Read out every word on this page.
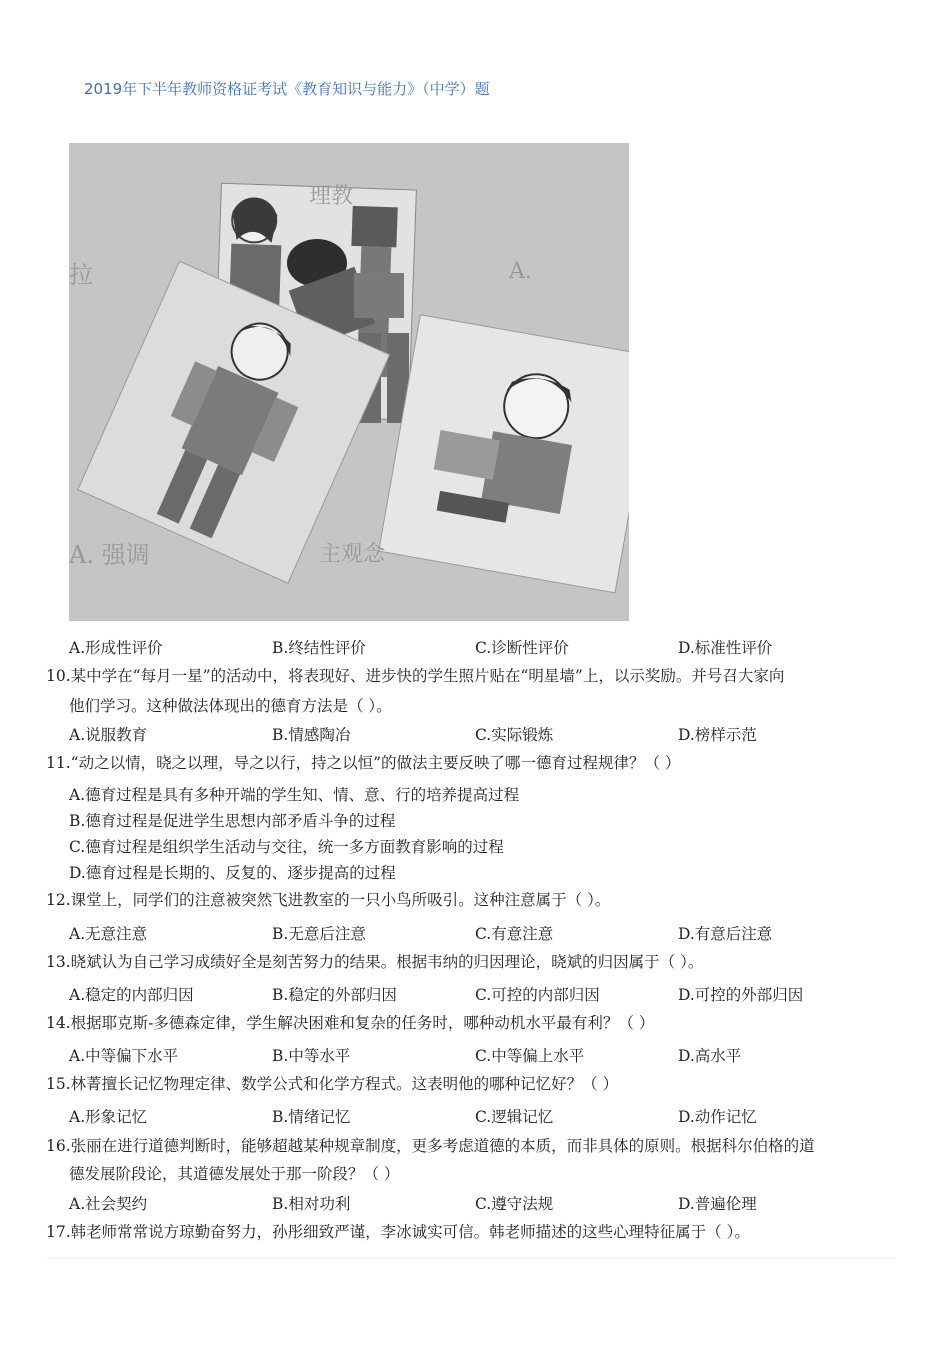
2019年下半年教师资格证考试《教育知识与能力》（中学）题
理教
A.
拉
A. 强调	主观念
A.形成性评价	B.终结性评价	C.诊断性评价	D.标准性评价
10.某中学在“每月一星”的活动中，将表现好、进步快的学生照片贴在“明星墙”上，以示奖励。并号召大家向
他们学习。这种做法体现出的德育方法是（ ）。
A.说服教育	B.情感陶冶	C.实际锻炼	D.榜样示范
11.“动之以情，晓之以理，导之以行，持之以恒”的做法主要反映了哪一德育过程规律？（ ）
A.德育过程是具有多种开端的学生知、情、意、行的培养提高过程
B.德育过程是促进学生思想内部矛盾斗争的过程
C.德育过程是组织学生活动与交往，统一多方面教育影响的过程
D.德育过程是长期的、反复的、逐步提高的过程
12.课堂上，同学们的注意被突然飞进教室的一只小鸟所吸引。这种注意属于（ ）。
A.无意注意	B.无意后注意	C.有意注意	D.有意后注意
13.晓斌认为自己学习成绩好全是刻苦努力的结果。根据韦纳的归因理论，晓斌的归因属于（ ）。
A.稳定的内部归因	B.稳定的外部归因	C.可控的内部归因	D.可控的外部归因
14.根据耶克斯-多德森定律，学生解决困难和复杂的任务时，哪种动机水平最有利？（ ）
A.中等偏下水平	B.中等水平	C.中等偏上水平	D.高水平
15.林菁擅长记忆物理定律、数学公式和化学方程式。这表明他的哪种记忆好？（ ）
A.形象记忆	B.情绪记忆	C.逻辑记忆	D.动作记忆
16.张丽在进行道德判断时，能够超越某种规章制度，更多考虑道德的本质，而非具体的原则。根据科尔伯格的道
德发展阶段论，其道德发展处于那一阶段？（ ）
A.社会契约	B.相对功利	C.遵守法规	D.普遍伦理
17.韩老师常常说方琼勤奋努力，孙彤细致严谨，李冰诚实可信。韩老师描述的这些心理特征属于（ ）。
